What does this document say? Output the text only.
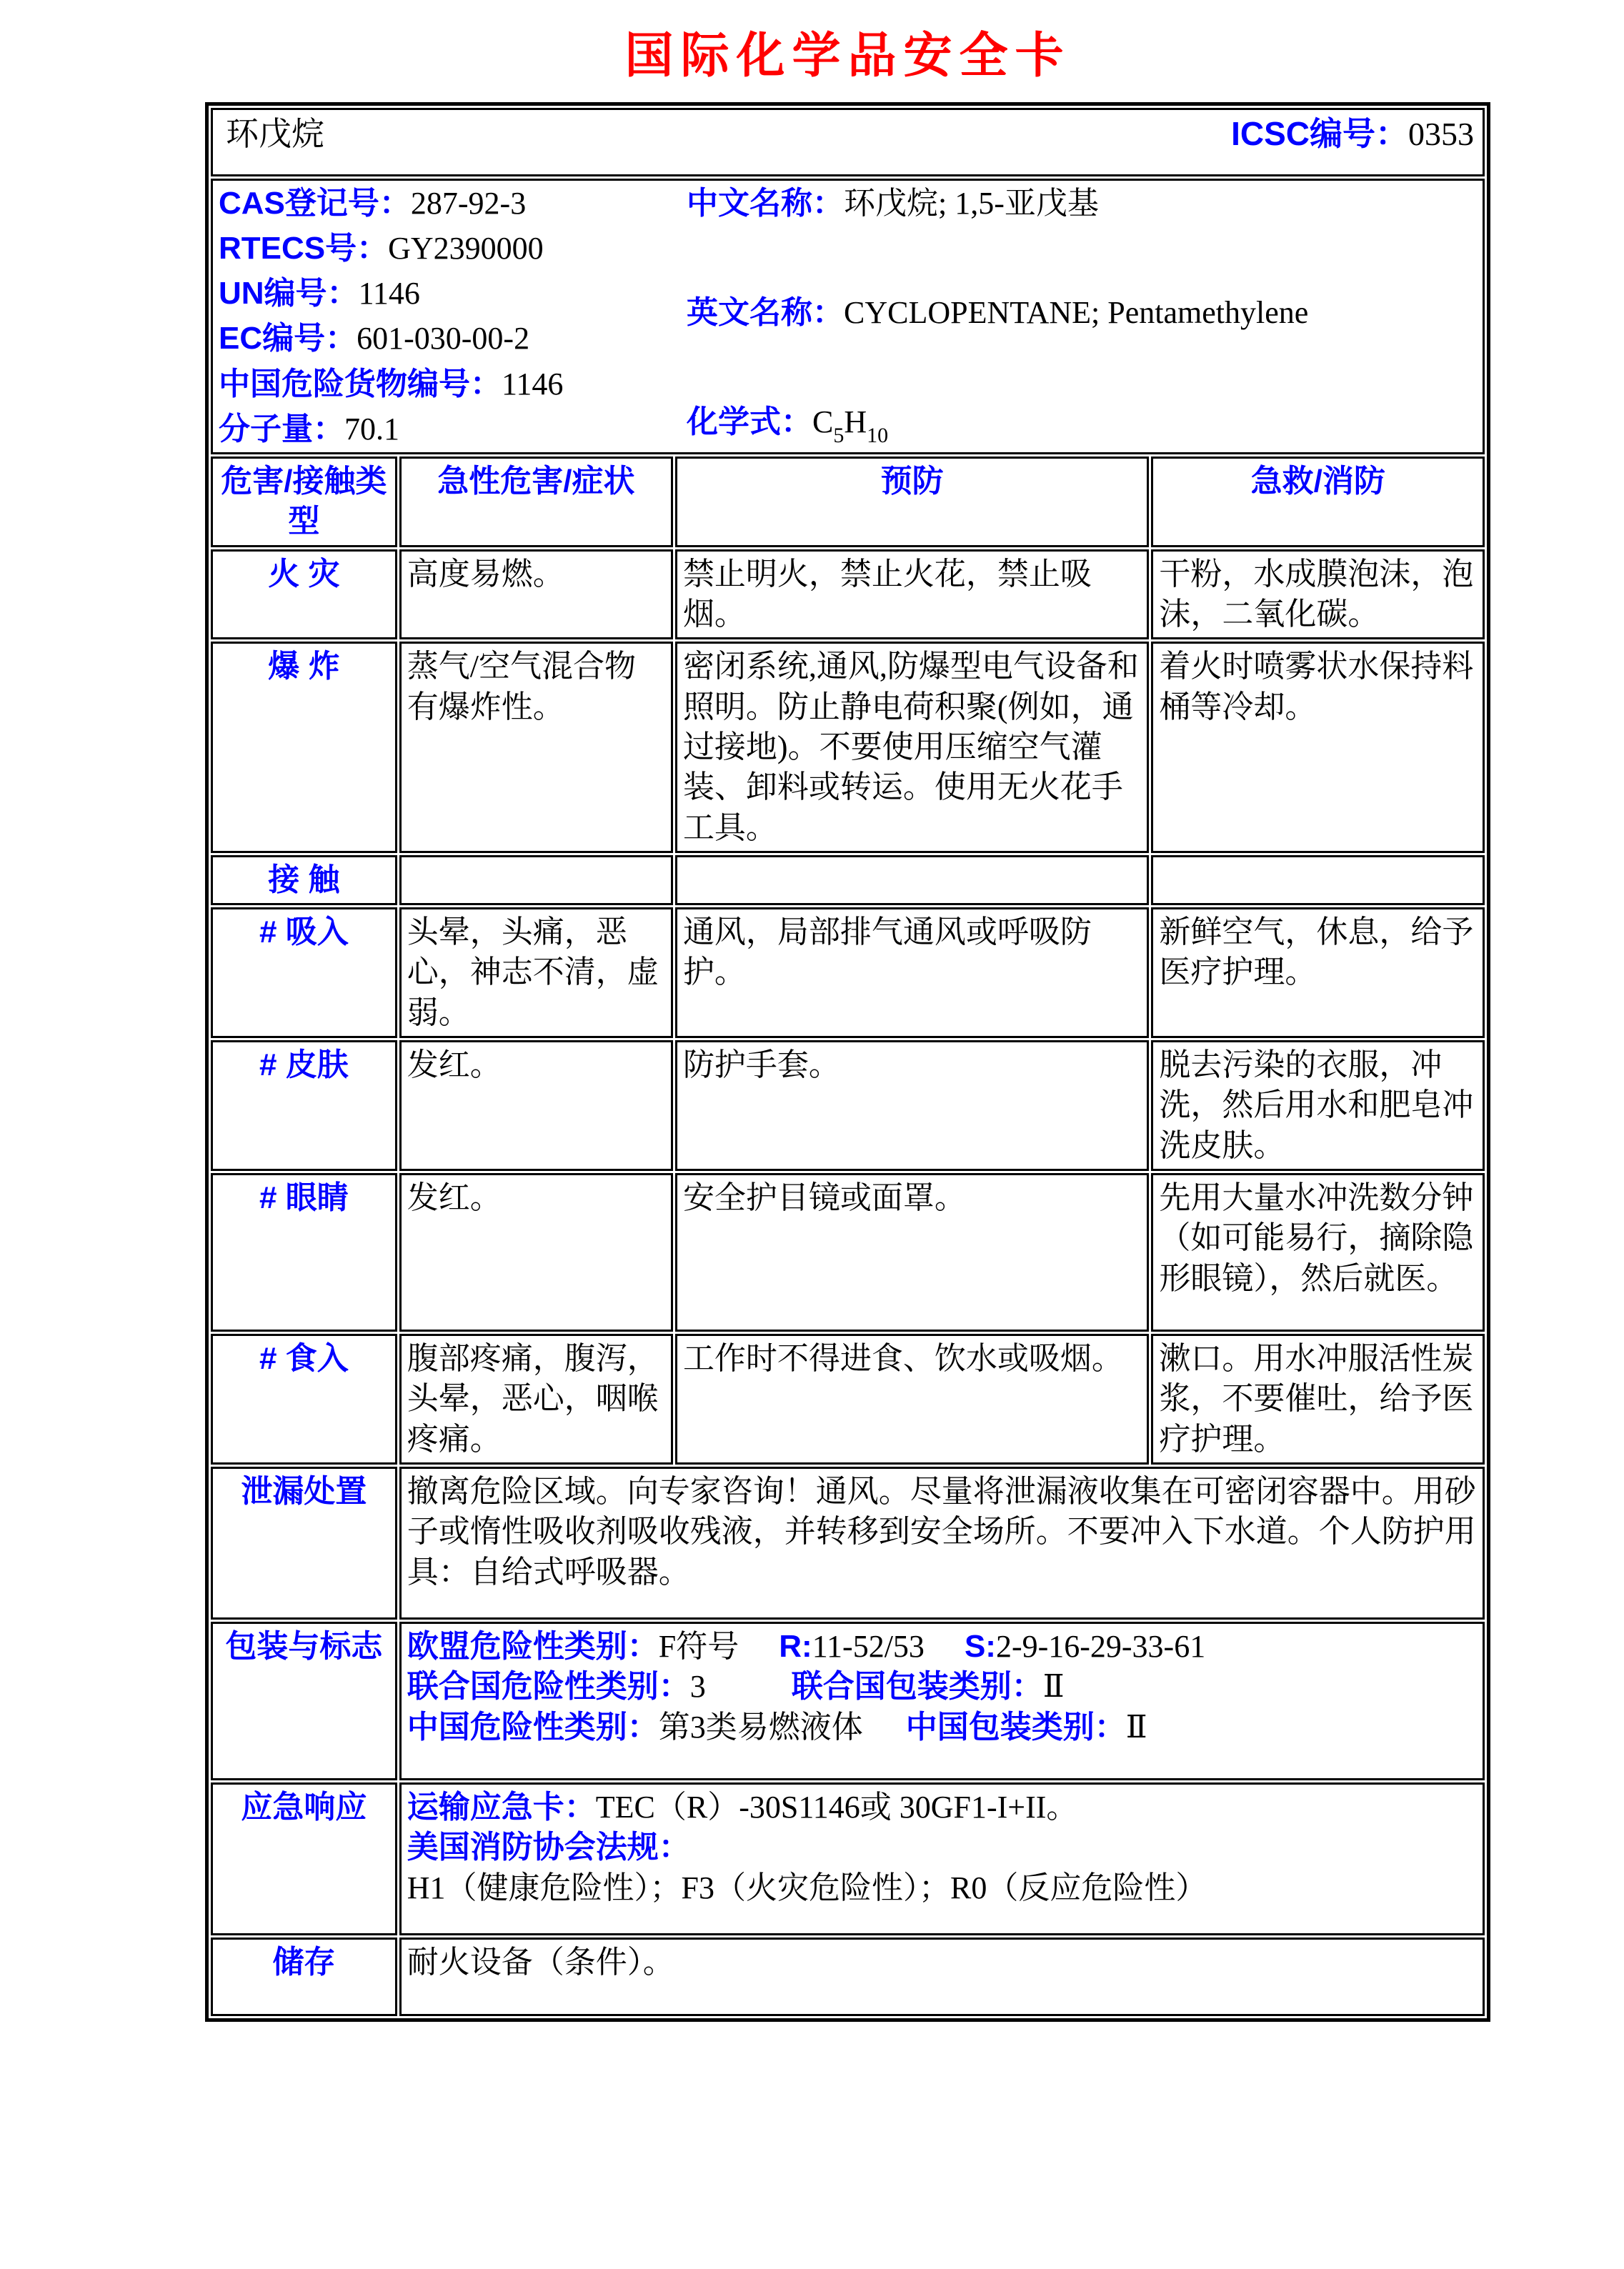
国际化学品安全卡
环戊烷 ICSC编号：0353			

CAS登记号：287-92-3
RTECS号：GY2390000
UN编号：1146
EC编号：601-030-00-2
中国危险货物编号：1146
分子量：70.1
中文名称：环戊烷; 1,5-亚戊基
英文名称：CYCLOPENTANE; Pentamethylene
化学式：$C_5H_{10}$

危害/接触类型	急性危害/症状	预防	急救/消防
火 灾	高度易燃。	禁止明火，禁止火花，禁止吸烟。	干粉，水成膜泡沫，泡沫，二氧化碳。
爆 炸	蒸气/空气混合物有爆炸性。	密闭系统,通风,防爆型电气设备和照明。防止静电荷积聚(例如，通过接地)。不要使用压缩空气灌装、卸料或转运。使用无火花手工具。	着火时喷雾状水保持料桶等冷却。
接 触			
# 吸入	头晕，头痛，恶心，神志不清，虚弱。	通风，局部排气通风或呼吸防护。	新鲜空气，休息，给予医疗护理。
# 皮肤	发红。	防护手套。	脱去污染的衣服，冲洗，然后用水和肥皂冲洗皮肤。
# 眼睛	发红。	安全护目镜或面罩。	先用大量水冲洗数分钟（如可能易行，摘除隐形眼镜），然后就医。
# 食入	腹部疼痛，腹泻，头晕，恶心，咽喉疼痛。	工作时不得进食、饮水或吸烟。	漱口。用水冲服活性炭浆，不要催吐，给予医疗护理。
泄漏处置	撤离危险区域。向专家咨询！通风。尽量将泄漏液收集在可密闭容器中。用砂子或惰性吸收剂吸收残液，并转移到安全场所。不要冲入下水道。个人防护用具：自给式呼吸器。		
包装与标志	欧盟危险性类别：F符号 R:11-52/53 S:2-9-16-29-33-61
联合国危险性类别：3 联合国包装类别：Ⅱ
中国危险性类别：第3类易燃液体 中国包装类别：Ⅱ		

应急响应	运输应急卡：TEC（R）-30S1146或 30GF1-I+II。
美国消防协会法规：H1（健康危险性）；F3（火灾危险性）；R0（反应危险性）		

储存	耐火设备（条件）。		
